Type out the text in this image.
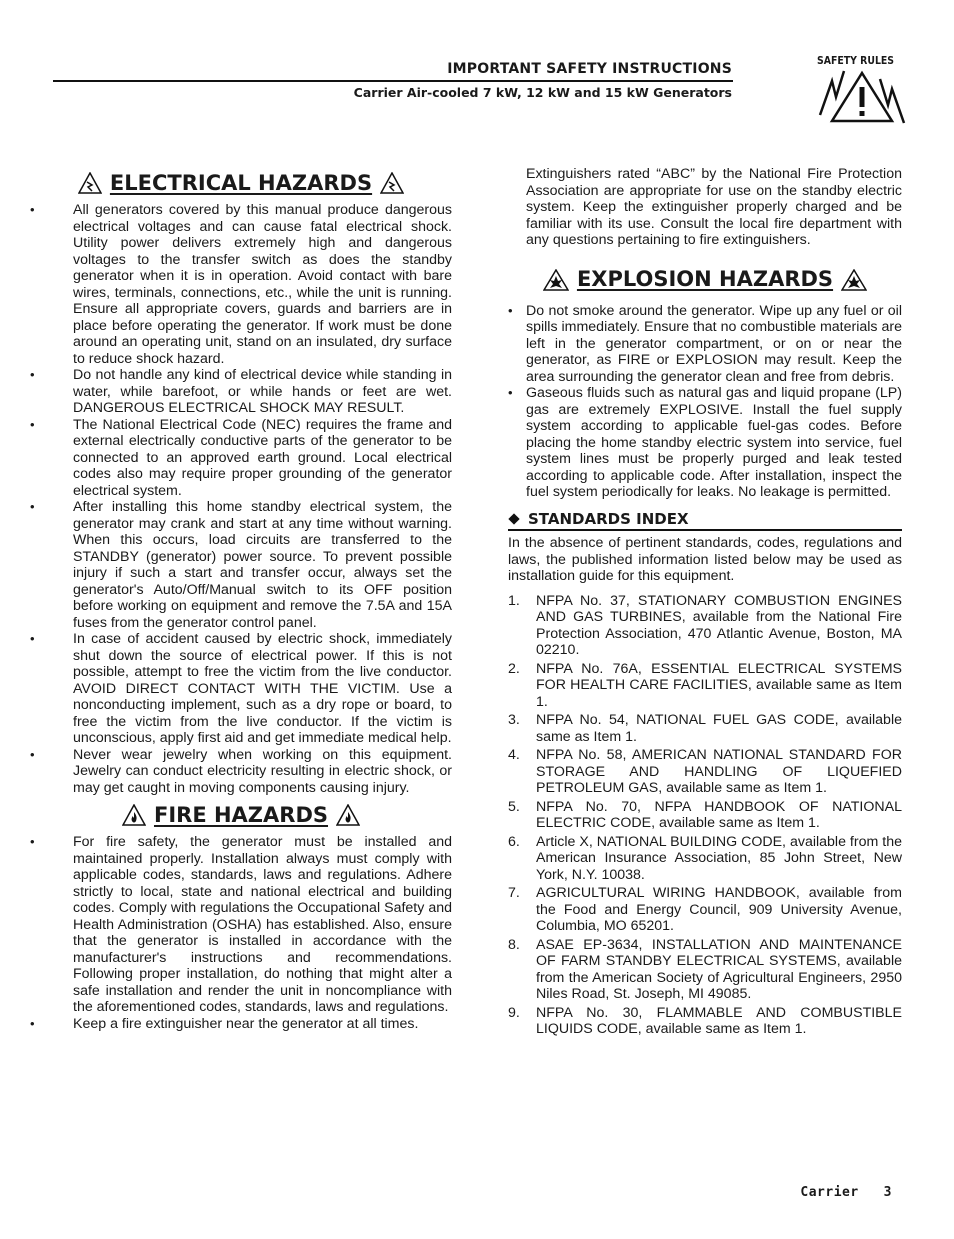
IMPORTANT SAFETY INSTRUCTIONS
Carrier Air-cooled 7 kW, 12 kW and 15 kW Generators
SAFETY RULES
ELECTRICAL HAZARDS
• All generators covered by this manual produce dangerous electrical voltages and can cause fatal electrical shock. Utility power delivers extremely high and dangerous voltages to the transfer switch as does the standby generator when it is in operation. Avoid contact with bare wires, terminals, connections, etc., while the unit is running. Ensure all appropriate covers, guards and barriers are in place before operating the generator. If work must be done around an operating unit, stand on an insulated, dry surface to reduce shock hazard.
• Do not handle any kind of electrical device while standing in water, while barefoot, or while hands or feet are wet. DANGEROUS ELECTRICAL SHOCK MAY RESULT.
• The National Electrical Code (NEC) requires the frame and external electrically conductive parts of the generator to be connected to an approved earth ground. Local electrical codes also may require proper grounding of the generator electrical system.
• After installing this home standby electrical system, the generator may crank and start at any time without warning. When this occurs, load circuits are transferred to the STANDBY (generator) power source. To prevent possible injury if such a start and transfer occur, always set the generator's Auto/Off/Manual switch to its OFF position before working on equipment and remove the 7.5A and 15A fuses from the generator control panel.
• In case of accident caused by electric shock, immediately shut down the source of electrical power. If this is not possible, attempt to free the victim from the live conductor. AVOID DIRECT CONTACT WITH THE VICTIM. Use a nonconducting implement, such as a dry rope or board, to free the victim from the live conductor. If the victim is unconscious, apply first aid and get immediate medical help.
• Never wear jewelry when working on this equipment. Jewelry can conduct electricity resulting in electric shock, or may get caught in moving components causing injury.
FIRE HAZARDS
• For fire safety, the generator must be installed and maintained properly. Installation always must comply with applicable codes, standards, laws and regulations. Adhere strictly to local, state and national electrical and building codes. Comply with regulations the Occupational Safety and Health Administration (OSHA) has established. Also, ensure that the generator is installed in accordance with the manufacturer's instructions and recommendations. Following proper installation, do nothing that might alter a safe installation and render the unit in noncompliance with the aforementioned codes, standards, laws and regulations.
• Keep a fire extinguisher near the generator at all times.
Extinguishers rated “ABC” by the National Fire Protection Association are appropriate for use on the standby electric system. Keep the extinguisher properly charged and be familiar with its use. Consult the local fire department with any questions pertaining to fire extinguishers.
EXPLOSION HAZARDS
• Do not smoke around the generator. Wipe up any fuel or oil spills immediately. Ensure that no combustible materials are left in the generator compartment, or on or near the generator, as FIRE or EXPLOSION may result. Keep the area surrounding the generator clean and free from debris.
• Gaseous fluids such as natural gas and liquid propane (LP) gas are extremely EXPLOSIVE. Install the fuel supply system according to applicable fuel-gas codes. Before placing the home standby electric system into service, fuel system lines must be properly purged and leak tested according to applicable code. After installation, inspect the fuel system periodically for leaks. No leakage is permitted.
STANDARDS INDEX
In the absence of pertinent standards, codes, regulations and laws, the published information listed below may be used as installation guide for this equipment.
1. NFPA No. 37, STATIONARY COMBUSTION ENGINES AND GAS TURBINES, available from the National Fire Protection Association, 470 Atlantic Avenue, Boston, MA 02210.
2. NFPA No. 76A, ESSENTIAL ELECTRICAL SYSTEMS FOR HEALTH CARE FACILITIES, available same as Item 1.
3. NFPA No. 54, NATIONAL FUEL GAS CODE, available same as Item 1.
4. NFPA No. 58, AMERICAN NATIONAL STANDARD FOR STORAGE AND HANDLING OF LIQUEFIED PETROLEUM GAS, available same as Item 1.
5. NFPA No. 70, NFPA HANDBOOK OF NATIONAL ELECTRIC CODE, available same as Item 1.
6. Article X, NATIONAL BUILDING CODE, available from the American Insurance Association, 85 John Street, New York, N.Y. 10038.
7. AGRICULTURAL WIRING HANDBOOK, available from the Food and Energy Council, 909 University Avenue, Columbia, MO 65201.
8. ASAE EP-3634, INSTALLATION AND MAINTENANCE OF FARM STANDBY ELECTRICAL SYSTEMS, available from the American Society of Agricultural Engineers, 2950 Niles Road, St. Joseph, MI 49085.
9. NFPA No. 30, FLAMMABLE AND COMBUSTIBLE LIQUIDS CODE, available same as Item 1.
Carrier 3
